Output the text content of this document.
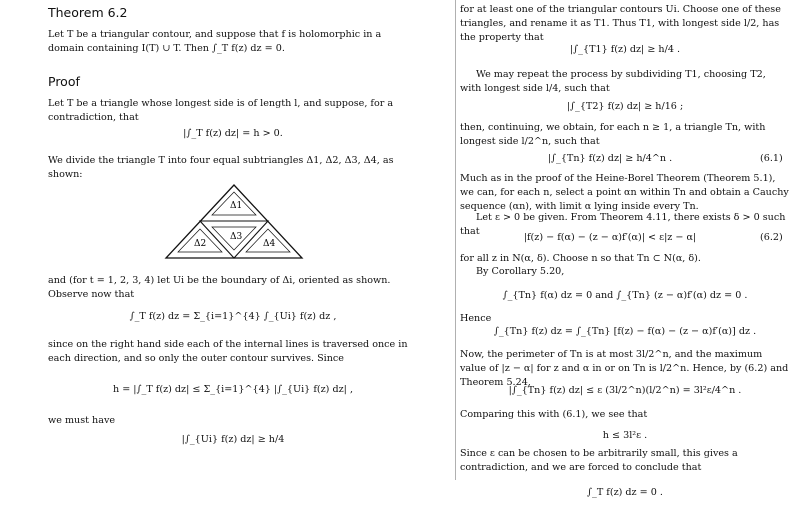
Theorem 6.2
Let T be a triangular contour, and suppose that f is holomorphic in a domain containing I(T) ∪ T. Then ∫_T f(z) dz = 0.
Proof
Let T be a triangle whose longest side is of length l, and suppose, for a contradiction, that
|∫_T f(z) dz| = h > 0.
We divide the triangle T into four equal subtriangles Δ1, Δ2, Δ3, Δ4, as shown:
Δ1
Δ2
Δ3
Δ4
and (for t = 1, 2, 3, 4) let Ui be the boundary of Δi, oriented as shown. Observe now that
∫_T f(z) dz = Σ_{i=1}^{4} ∫_{Ui} f(z) dz ,
since on the right hand side each of the internal lines is traversed once in each direction, and so only the outer contour survives. Since
h = |∫_T f(z) dz| ≤ Σ_{i=1}^{4} |∫_{Ui} f(z) dz| ,
we must have
|∫_{Ui} f(z) dz| ≥ h/4
for at least one of the triangular contours Ui. Choose one of these triangles, and rename it as T1. Thus T1, with longest side l/2, has the property that
|∫_{T1} f(z) dz| ≥ h/4 .
We may repeat the process by subdividing T1, choosing T2, with longest side l/4, such that
|∫_{T2} f(z) dz| ≥ h/16 ;
then, continuing, we obtain, for each n ≥ 1, a triangle Tn, with longest side l/2^n, such that
|∫_{Tn} f(z) dz| ≥ h/4^n .	(6.1)
Much as in the proof of the Heine-Borel Theorem (Theorem 5.1), we can, for each n, select a point αn within Tn and obtain a Cauchy sequence (αn), with limit α lying inside every Tn.
Let ε > 0 be given. From Theorem 4.11, there exists δ > 0 such that
|f(z) − f(α) − (z − α)f′(α)| < ε|z − α|	(6.2)
for all z in N(α, δ). Choose n so that Tn ⊂ N(α, δ).
By Corollary 5.20,
∫_{Tn} f(α) dz = 0 and ∫_{Tn} (z − α)f′(α) dz = 0 .
Hence
∫_{Tn} f(z) dz = ∫_{Tn} [f(z) − f(α) − (z − α)f′(α)] dz .
Now, the perimeter of Tn is at most 3l/2^n, and the maximum value of |z − α| for z and α in or on Tn is l/2^n. Hence, by (6.2) and Theorem 5.24,
|∫_{Tn} f(z) dz| ≤ ε (3l/2^n)(l/2^n) = 3l²ε/4^n .
Comparing this with (6.1), we see that
h ≤ 3l²ε .
Since ε can be chosen to be arbitrarily small, this gives a contradiction, and we are forced to conclude that
∫_T f(z) dz = 0 .
